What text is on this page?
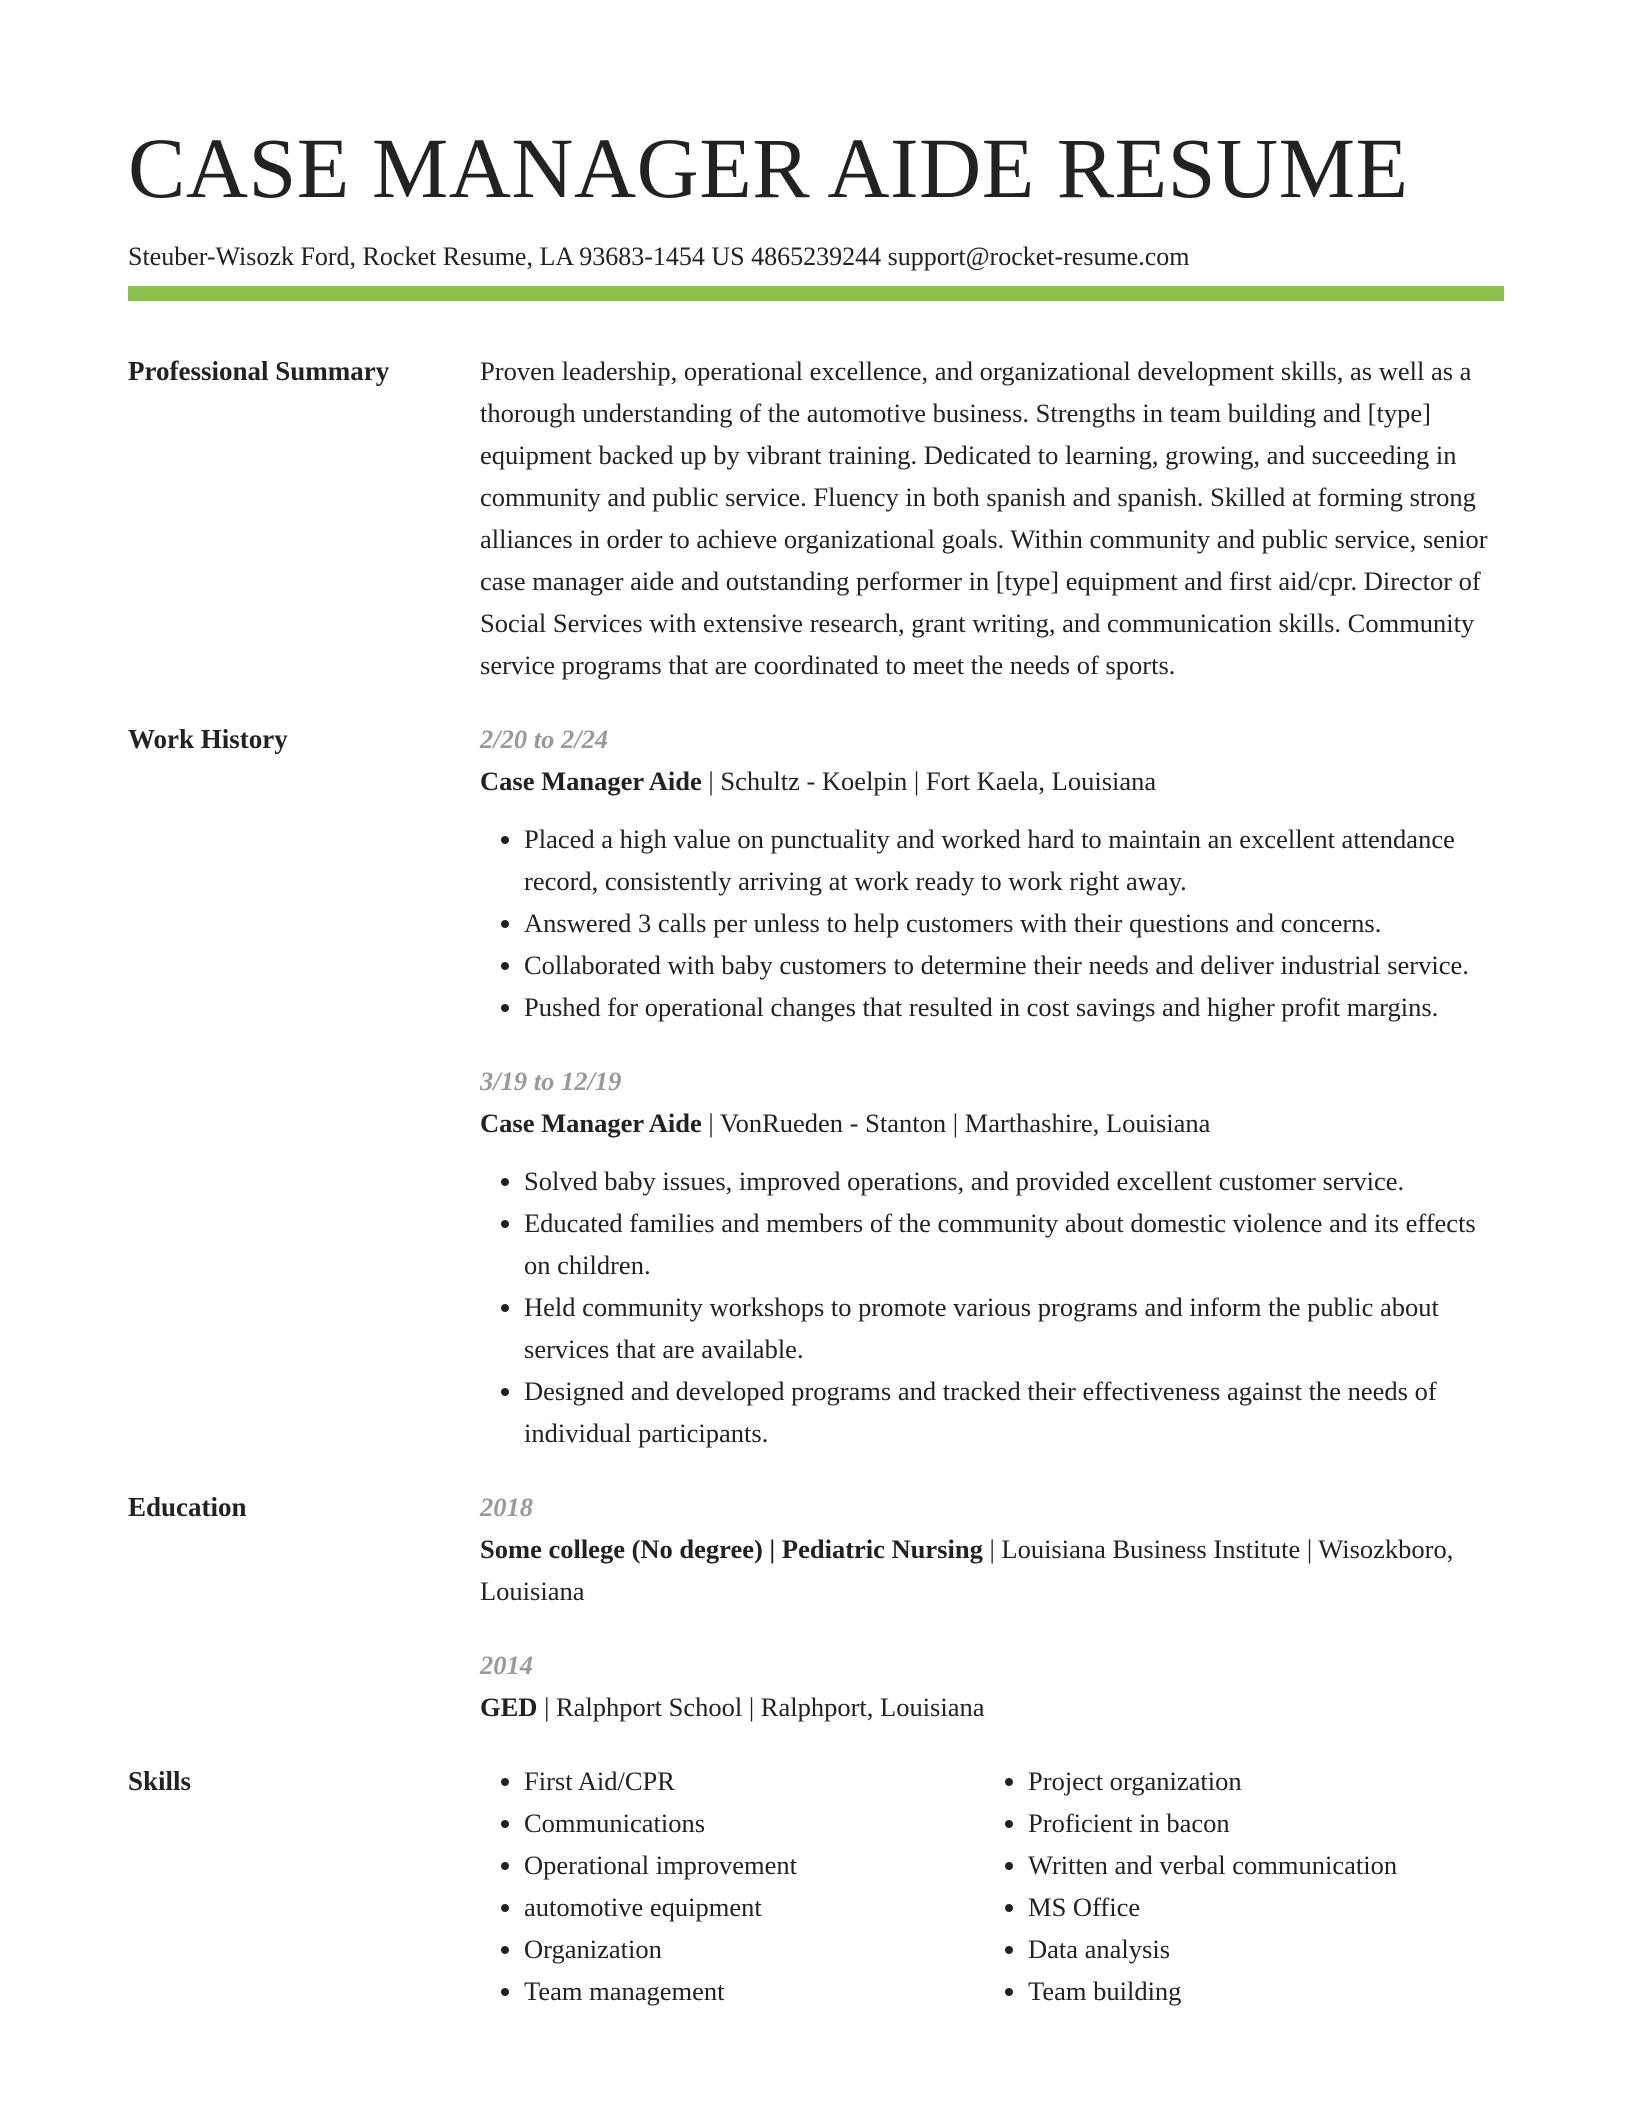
CASE MANAGER AIDE RESUME
Steuber-Wisozk Ford, Rocket Resume, LA 93683-1454 US 4865239244 support@rocket-resume.com
Professional Summary	Proven leadership, operational excellence, and organizational development skills, as well as a thorough understanding of the automotive business. Strengths in team building and [type] equipment backed up by vibrant training. Dedicated to learning, growing, and succeeding in community and public service. Fluency in both spanish and spanish. Skilled at forming strong alliances in order to achieve organizational goals. Within community and public service, senior case manager aide and outstanding performer in [type] equipment and first aid/cpr. Director of Social Services with extensive research, grant writing, and communication skills. Community service programs that are coordinated to meet the needs of sports.

Work History	2/20 to 2/24

Case Manager Aide | Schultz - Koelpin | Fort Kaela, Louisiana

• Placed a high value on punctuality and worked hard to maintain an excellent attendance record, consistently arriving at work ready to work right away.
• Answered 3 calls per unless to help customers with their questions and concerns.
• Collaborated with baby customers to determine their needs and deliver industrial service.
• Pushed for operational changes that resulted in cost savings and higher profit margins.
3/19 to 12/19

Case Manager Aide | VonRueden - Stanton | Marthashire, Louisiana

• Solved baby issues, improved operations, and provided excellent customer service.
• Educated families and members of the community about domestic violence and its effects on children.
• Held community workshops to promote various programs and inform the public about services that are available.
• Designed and developed programs and tracked their effectiveness against the needs of individual participants.
Education	2018

Some college (No degree) | Pediatric Nursing | Louisiana Business Institute | Wisozkboro, Louisiana

2014

GED | Ralphport School | Ralphport, Louisiana

Skills
•	First Aid/CPR
• Communications
• Operational improvement
• automotive equipment
• Organization
• Team management
• Project organization
• Proficient in bacon
• Written and verbal communication
• MS Office
• Data analysis
• Team building
